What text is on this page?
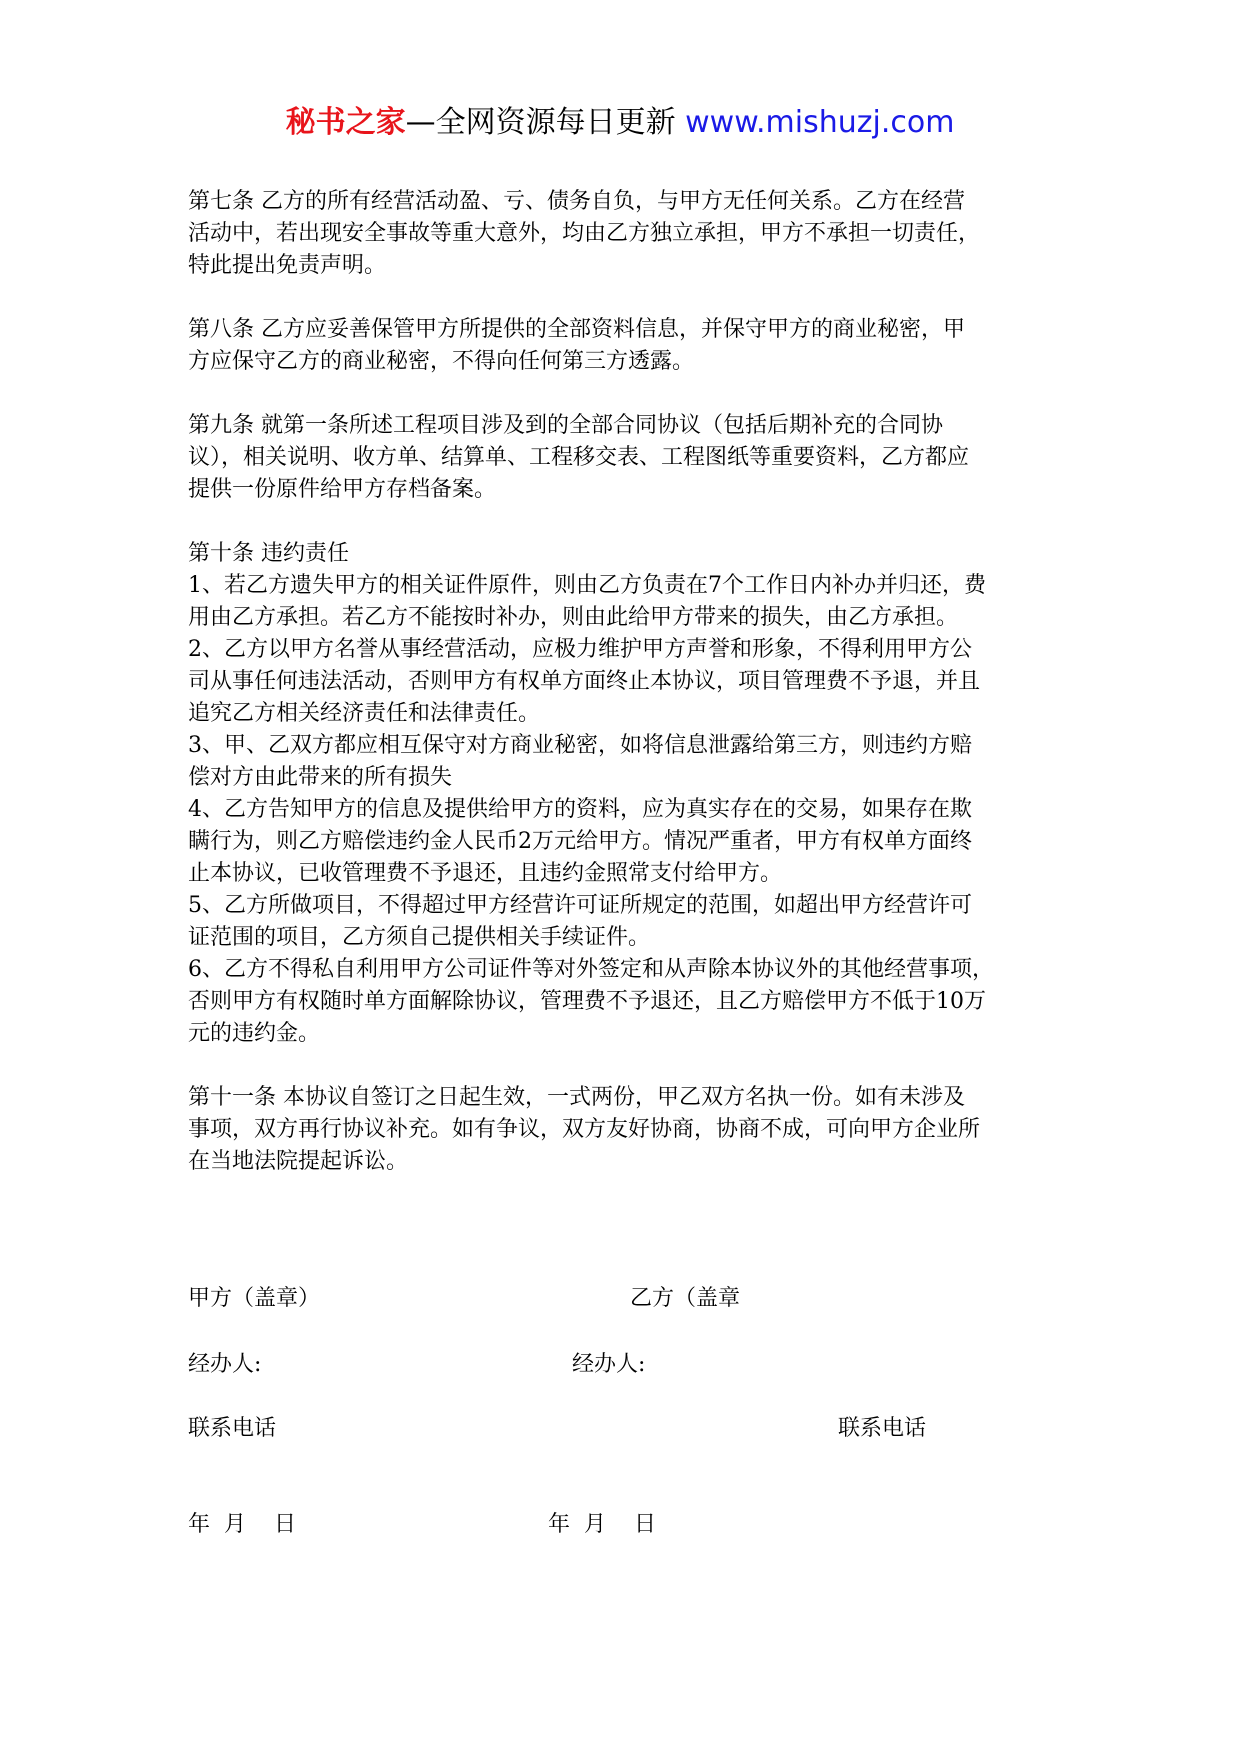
秘书之家—全网资源每日更新 www.mishuzj.com
第七条 乙方的所有经营活动盈、亏、债务自负，与甲方无任何关系。乙方在经营
活动中，若出现安全事故等重大意外，均由乙方独立承担，甲方不承担一切责任，
特此提出免责声明。
第八条 乙方应妥善保管甲方所提供的全部资料信息，并保守甲方的商业秘密，甲
方应保守乙方的商业秘密，不得向任何第三方透露。
第九条 就第一条所述工程项目涉及到的全部合同协议（包括后期补充的合同协
议），相关说明、收方单、结算单、工程移交表、工程图纸等重要资料，乙方都应
提供一份原件给甲方存档备案。
第十条 违约责任
1、若乙方遗失甲方的相关证件原件，则由乙方负责在7个工作日内补办并归还，费
用由乙方承担。若乙方不能按时补办，则由此给甲方带来的损失，由乙方承担。
2、乙方以甲方名誉从事经营活动，应极力维护甲方声誉和形象，不得利用甲方公
司从事任何违法活动，否则甲方有权单方面终止本协议，项目管理费不予退，并且
追究乙方相关经济责任和法律责任。
3、甲、乙双方都应相互保守对方商业秘密，如将信息泄露给第三方，则违约方赔
偿对方由此带来的所有损失
4、乙方告知甲方的信息及提供给甲方的资料，应为真实存在的交易，如果存在欺
瞒行为，则乙方赔偿违约金人民币2万元给甲方。情况严重者，甲方有权单方面终
止本协议，已收管理费不予退还，且违约金照常支付给甲方。
5、乙方所做项目，不得超过甲方经营许可证所规定的范围，如超出甲方经营许可
证范围的项目，乙方须自己提供相关手续证件。
6、乙方不得私自利用甲方公司证件等对外签定和从声除本协议外的其他经营事项，
否则甲方有权随时单方面解除协议，管理费不予退还，且乙方赔偿甲方不低于10万
元的违约金。
第十一条 本协议自签订之日起生效，一式两份，甲乙双方名执一份。如有未涉及
事项，双方再行协议补充。如有争议，双方友好协商，协商不成，可向甲方企业所
在当地法院提起诉讼。
甲方（盖章）	乙方（盖章
经办人:	经办人:
联系电话	联系电话
年  月    日	年  月    日
